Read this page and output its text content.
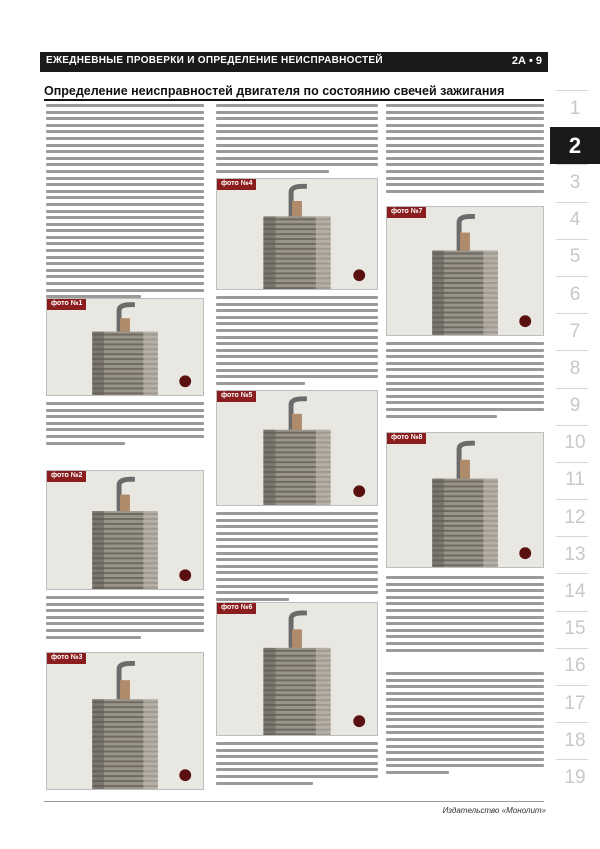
ЕЖЕДНЕВНЫЕ ПРОВЕРКИ И ОПРЕДЕЛЕНИЕ НЕИСПРАВНОСТЕЙ	2А • 9
Определение неисправностей двигателя по состоянию свечей зажигания
фото №1
фото №2
фото №3
фото №4
фото №5
фото №6
фото №7
фото №8
1
2
3
4
5
6
7
8
9
10
11
12
13
14
15
16
17
18
19
Издательство «Монолит»
